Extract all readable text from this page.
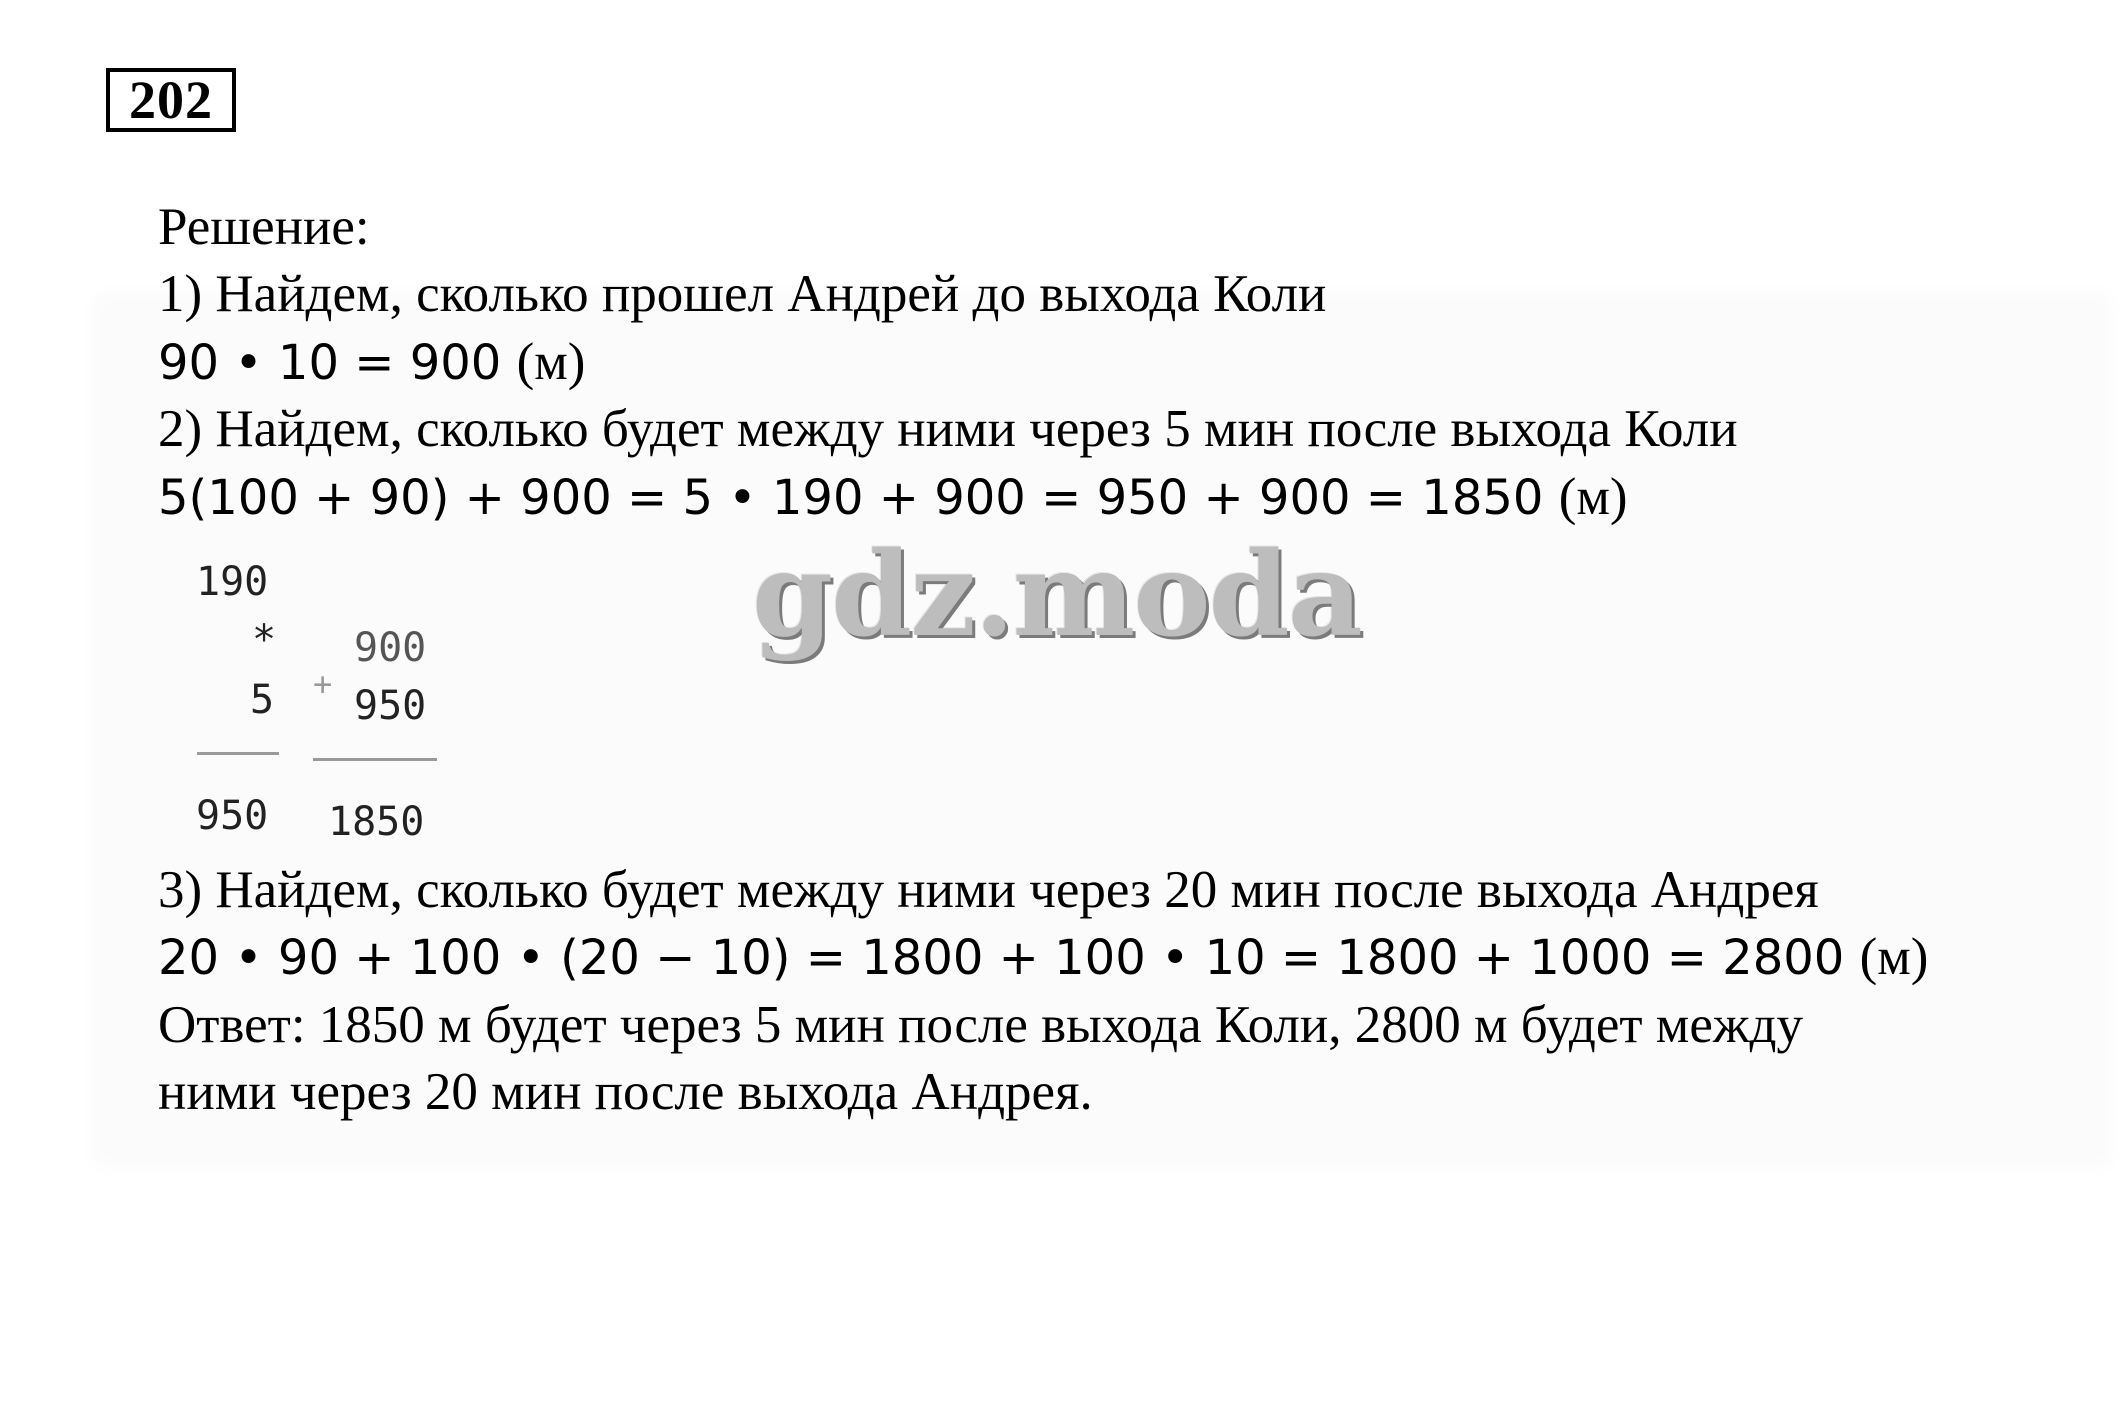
202
Решение:
1) Найдем, сколько прошел Андрей до выхода Коли
90 • 10 = 900 (м)
2) Найдем, сколько будет между ними через 5 мин после выхода Коли
5(100 + 90) + 900 = 5 • 190 + 900 = 950 + 900 = 1850 (м)
190
*
5
950
900
+ 950
1850
gdz.moda
3) Найдем, сколько будет между ними через 20 мин после выхода Андрея
20 • 90 + 100 • (20 − 10) = 1800 + 100 • 10 = 1800 + 1000 = 2800 (м)
Ответ: 1850 м будет через 5 мин после выхода Коли, 2800 м будет между
ними через 20 мин после выхода Андрея.
